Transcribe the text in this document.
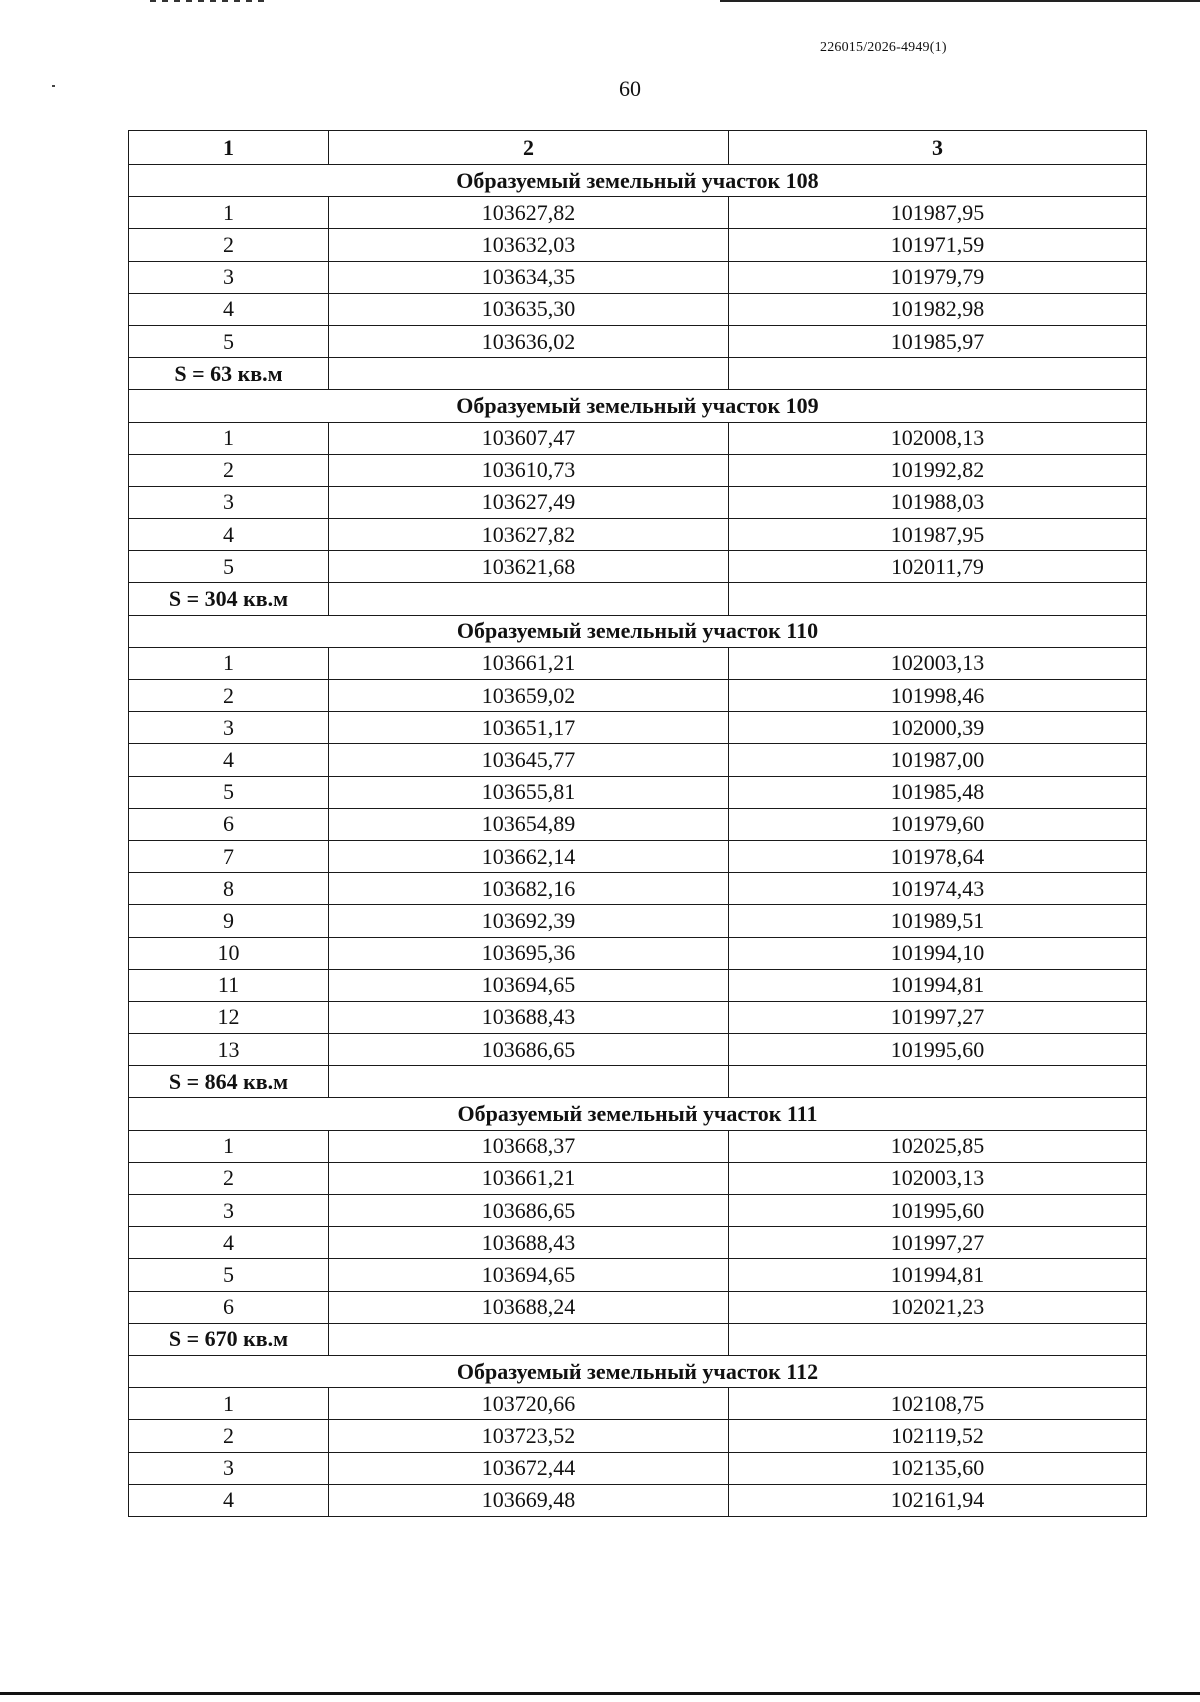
226015/2026-4949(1)
60
1	2	3
Образуемый земельный участок 108		
1	103627,82	101987,95
2	103632,03	101971,59
3	103634,35	101979,79
4	103635,30	101982,98
5	103636,02	101985,97
S = 63 кв.м		
Образуемый земельный участок 109		
1	103607,47	102008,13
2	103610,73	101992,82
3	103627,49	101988,03
4	103627,82	101987,95
5	103621,68	102011,79
S = 304 кв.м		
Образуемый земельный участок 110		
1	103661,21	102003,13
2	103659,02	101998,46
3	103651,17	102000,39
4	103645,77	101987,00
5	103655,81	101985,48
6	103654,89	101979,60
7	103662,14	101978,64
8	103682,16	101974,43
9	103692,39	101989,51
10	103695,36	101994,10
11	103694,65	101994,81
12	103688,43	101997,27
13	103686,65	101995,60
S = 864 кв.м		
Образуемый земельный участок 111		
1	103668,37	102025,85
2	103661,21	102003,13
3	103686,65	101995,60
4	103688,43	101997,27
5	103694,65	101994,81
6	103688,24	102021,23
S = 670 кв.м		
Образуемый земельный участок 112		
1	103720,66	102108,75
2	103723,52	102119,52
3	103672,44	102135,60
4	103669,48	102161,94
